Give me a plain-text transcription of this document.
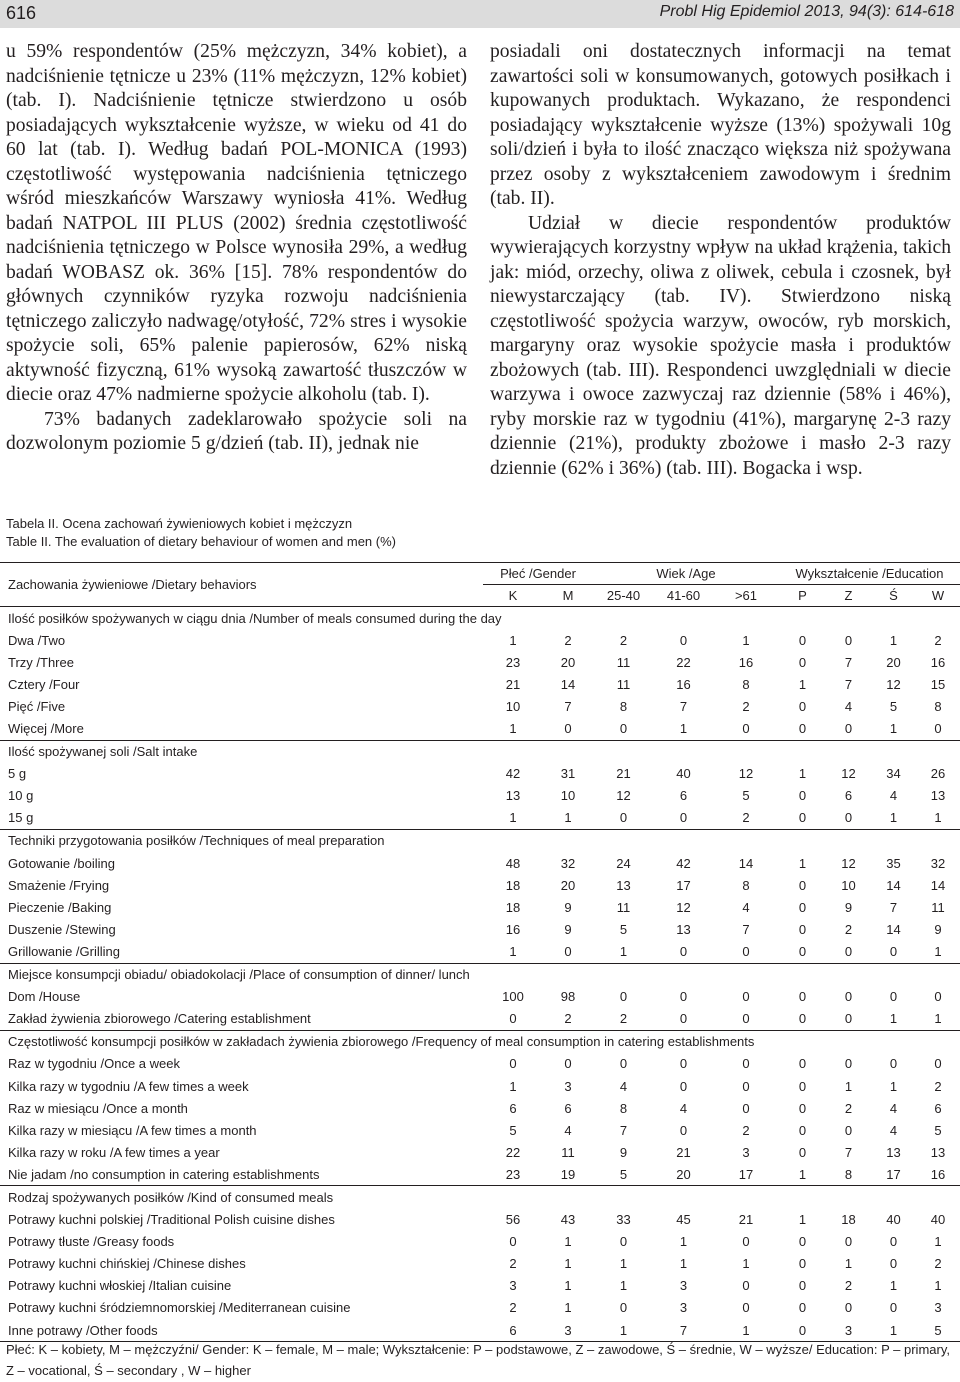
616	Probl Hig Epidemiol 2013, 94(3): 614-618

u 59% respondentów (25% mężczyzn, 34% kobiet), a nadciśnienie tętnicze u 23% (11% mężczyzn, 12% kobiet) (tab. I). Nadciśnienie tętnicze stwierdzono u osób posiadających wykształcenie wyższe, w wieku od 41 do 60 lat (tab. I). Według badań POL-MONICA (1993) częstotliwość występowania nadciśnienia tętniczego wśród mieszkańców Warszawy wyniosła 41%. Według badań NATPOL III PLUS (2002) średnia częstotliwość nadciśnienia tętniczego w Polsce wynosiła 29%, a według badań WOBASZ ok. 36% [15]. 78% respondentów do głównych czynników ryzyka rozwoju nadciśnienia tętniczego zaliczyło nadwagę/otyłość, 72% stres i wysokie spożycie soli, 65% palenie papierosów, 62% niską aktywność fizyczną, 61% wysoką zawartość tłuszczów w diecie oraz 47% nadmierne spożycie alkoholu (tab. I).

73% badanych zadeklarowało spożycie soli na dozwolonym poziomie 5 g/dzień (tab. II), jednak nie

posiadali oni dostatecznych informacji na temat zawartości soli w konsumowanych, gotowych posiłkach i kupowanych produktach. Wykazano, że respondenci posiadający wykształcenie wyższe (13%) spożywali 10g soli/dzień i była to ilość znacząco większa niż spożywana przez osoby z wykształceniem zawodowym i średnim (tab. II).

Udział w diecie respondentów produktów wywierających korzystny wpływ na układ krążenia, takich jak: miód, orzechy, oliwa z oliwek, cebula i czosnek, był niewystarczający (tab. IV). Stwierdzono niską częstotliwość spożycia warzyw, owoców, ryb morskich, margaryny oraz wysokie spożycie masła i produktów zbożowych (tab. III). Respondenci uwzględniali w diecie warzywa i owoce zazwyczaj raz dziennie (58% i 46%), ryby morskie raz w tygodniu (41%), margarynę 2-3 razy dziennie (21%), produkty zbożowe i masło 2-3 razy dziennie (62% i 36%) (tab. III). Bogacka i wsp.

Tabela II. Ocena zachowań żywieniowych kobiet i mężczyzn
Table II. The evaluation of dietary behaviour of women and men (%)
Zachowania żywieniowe /Dietary behaviors	Płeć /Gender		Wiek /Age			Wykształcenie /Education			
	K	M	25-40	41-60	>61	P	Z	Ś	W
Ilość posiłków spożywanych w ciągu dnia /Number of meals consumed during the day									
Dwa /Two	1	2	2	0	1	0	0	1	2
Trzy /Three	23	20	11	22	16	0	7	20	16
Cztery /Four	21	14	11	16	8	1	7	12	15
Pięć /Five	10	7	8	7	2	0	4	5	8
Więcej /More	1	0	0	1	0	0	0	1	0
Ilość spożywanej soli /Salt intake									
5 g	42	31	21	40	12	1	12	34	26
10 g	13	10	12	6	5	0	6	4	13
15 g	1	1	0	0	2	0	0	1	1
Techniki przygotowania posiłków /Techniques of meal preparation									
Gotowanie /boiling	48	32	24	42	14	1	12	35	32
Smażenie /Frying	18	20	13	17	8	0	10	14	14
Pieczenie /Baking	18	9	11	12	4	0	9	7	11
Duszenie /Stewing	16	9	5	13	7	0	2	14	9
Grillowanie /Grilling	1	0	1	0	0	0	0	0	1
Miejsce konsumpcji obiadu/ obiadokolacji /Place of consumption of dinner/ lunch									
Dom /House	100	98	0	0	0	0	0	0	0
Zakład żywienia zbiorowego /Catering establishment	0	2	2	0	0	0	0	1	1
Częstotliwość konsumpcji posiłków w zakładach żywienia zbiorowego /Frequency of meal consumption in catering establishments									
Raz w tygodniu /Once a week	0	0	0	0	0	0	0	0	0
Kilka razy w tygodniu /A few times a week	1	3	4	0	0	0	1	1	2
Raz w miesiącu /Once a month	6	6	8	4	0	0	2	4	6
Kilka razy w miesiącu /A few times a month	5	4	7	0	2	0	0	4	5
Kilka razy w roku /A few times a year	22	11	9	21	3	0	7	13	13
Nie jadam /no consumption in catering establishments	23	19	5	20	17	1	8	17	16
Rodzaj spożywanych posiłków /Kind of consumed meals									
Potrawy kuchni polskiej /Traditional Polish cuisine dishes	56	43	33	45	21	1	18	40	40
Potrawy tłuste /Greasy foods	0	1	0	1	0	0	0	0	1
Potrawy kuchni chińskiej /Chinese dishes	2	1	1	1	1	0	1	0	2
Potrawy kuchni włoskiej /Italian cuisine	3	1	1	3	0	0	2	1	1
Potrawy kuchni śródziemnomorskiej /Mediterranean cuisine	2	1	0	3	0	0	0	0	3
Inne potrawy /Other foods	6	3	1	7	1	0	3	1	5
Płeć: K – kobiety, M – mężczyźni/ Gender: K – female, M – male; Wykształcenie: P – podstawowe, Z – zawodowe, Ś – średnie, W – wyższe/ Education: P – primary, Z – vocational, Ś – secondary , W – higher
